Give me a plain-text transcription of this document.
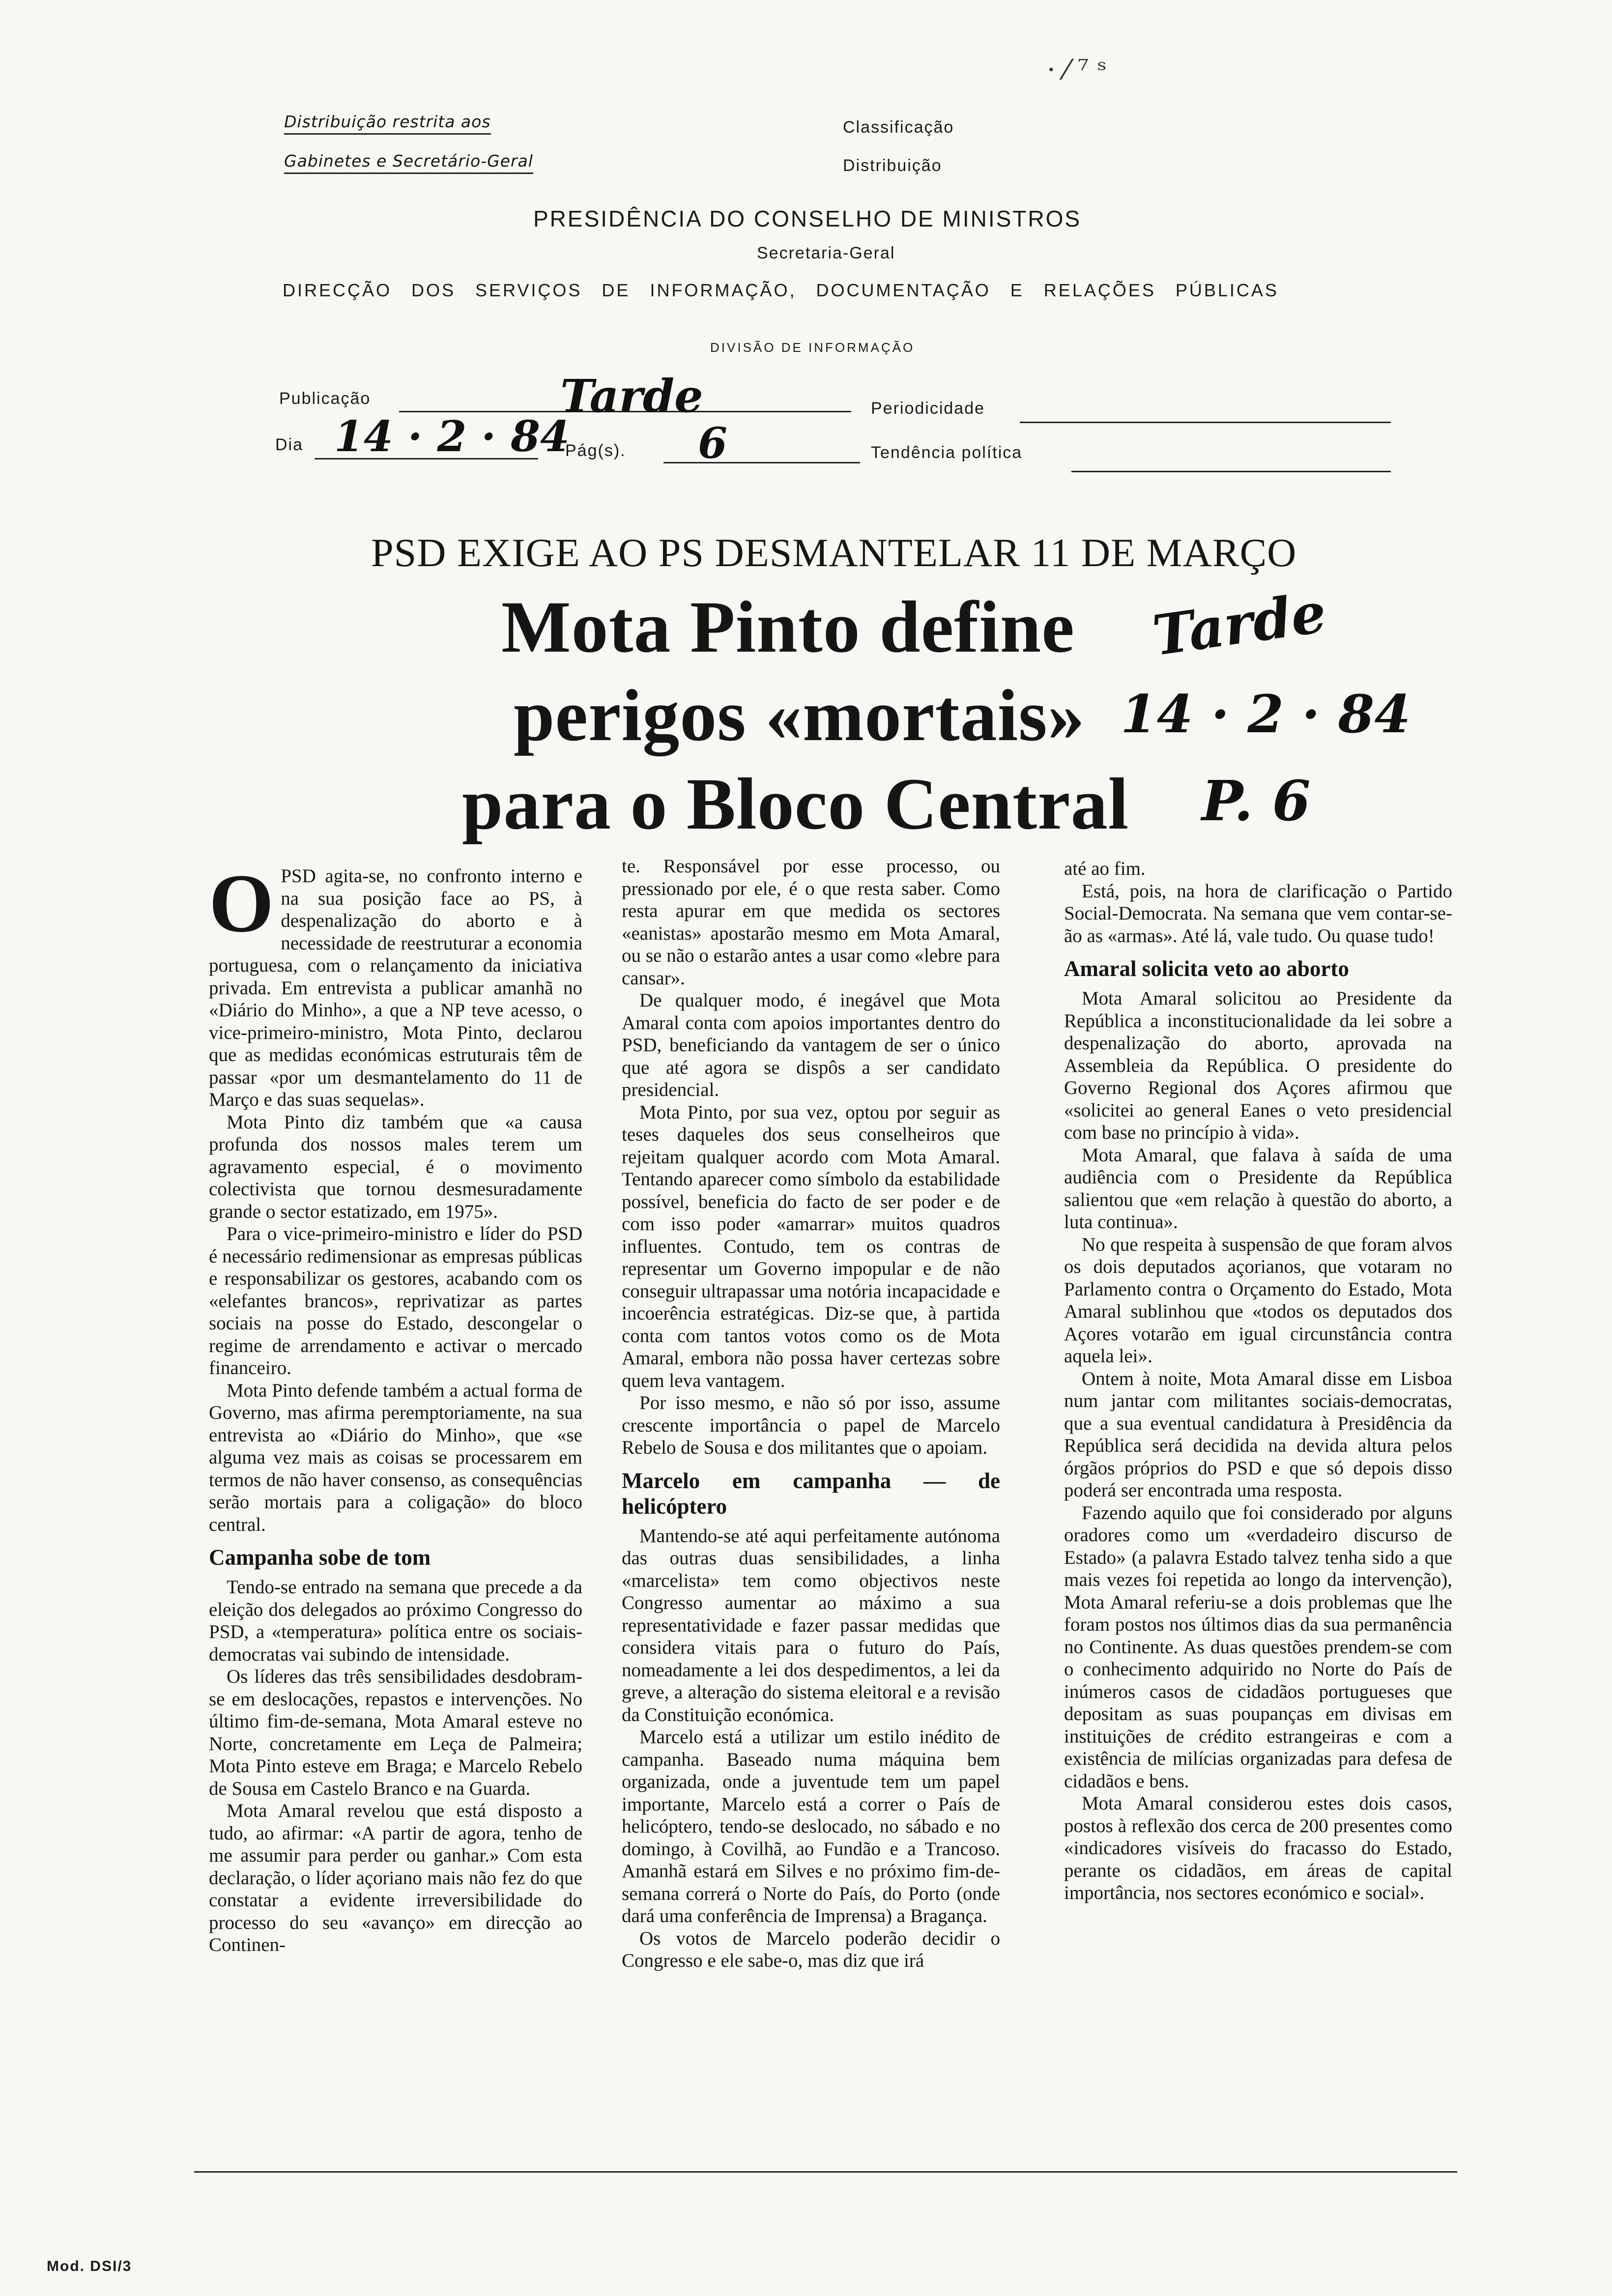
Distribuição restrita aos
Gabinetes e Secretário-Geral
Classificação
Distribuição
PRESIDÊNCIA DO CONSELHO DE MINISTROS
Secretaria-Geral
DIRECÇÃO DOS SERVIÇOS DE INFORMAÇÃO, DOCUMENTAÇÃO E RELAÇÕES PÚBLICAS
DIVISÃO DE INFORMAÇÃO
Publicação	Tarde	Periodicidade
Dia 14 · 2 · 84
Pág(s). 6	Tendência política
· ⁄ ⁷ ˢ
PSD EXIGE AO PS DESMANTELAR 11 DE MARÇO
Mota Pinto define
perigos «mortais»
para o Bloco Central
Tarde
14 · 2 · 84
P. 6
O PSD agita-se, no confronto interno e na sua posição face ao PS, à despenalização do aborto e à necessidade de reestruturar a economia portuguesa, com o relançamento da iniciativa privada. Em entrevista a publicar amanhã no «Diário do Minho», a que a NP teve acesso, o vice-primeiro-ministro, Mota Pinto, declarou que as medidas económicas estruturais têm de passar «por um desmantelamento do 11 de Março e das suas sequelas».

Mota Pinto diz também que «a causa profunda dos nossos males terem um agravamento especial, é o movimento colectivista que tornou desmesuradamente grande o sector estatizado, em 1975».

Para o vice-primeiro-ministro e líder do PSD é necessário redimensionar as empresas públicas e responsabilizar os gestores, acabando com os «elefantes brancos», reprivatizar as partes sociais na posse do Estado, descongelar o regime de arrendamento e activar o mercado financeiro.

Mota Pinto defende também a actual forma de Governo, mas afirma peremptoriamente, na sua entrevista ao «Diário do Minho», que «se alguma vez mais as coisas se processarem em termos de não haver consenso, as consequências serão mortais para a coligação» do bloco central.

Campanha sobe de tom

Tendo-se entrado na semana que precede a da eleição dos delegados ao próximo Congresso do PSD, a «temperatura» política entre os sociais-democratas vai subindo de intensidade.

Os líderes das três sensibilidades desdobram-se em deslocações, repastos e intervenções. No último fim-de-semana, Mota Amaral esteve no Norte, concretamente em Leça de Palmeira; Mota Pinto esteve em Braga; e Marcelo Rebelo de Sousa em Castelo Branco e na Guarda.

Mota Amaral revelou que está disposto a tudo, ao afirmar: «A partir de agora, tenho de me assumir para perder ou ganhar.» Com esta declaração, o líder açoriano mais não fez do que constatar a evidente irreversibilidade do processo do seu «avanço» em direcção ao Continen-

te. Responsável por esse processo, ou pressionado por ele, é o que resta saber. Como resta apurar em que medida os sectores «eanistas» apostarão mesmo em Mota Amaral, ou se não o estarão antes a usar como «lebre para cansar».

De qualquer modo, é inegável que Mota Amaral conta com apoios importantes dentro do PSD, beneficiando da vantagem de ser o único que até agora se dispôs a ser candidato presidencial.

Mota Pinto, por sua vez, optou por seguir as teses daqueles dos seus conselheiros que rejeitam qualquer acordo com Mota Amaral. Tentando aparecer como símbolo da estabilidade possível, beneficia do facto de ser poder e de com isso poder «amarrar» muitos quadros influentes. Contudo, tem os contras de representar um Governo impopular e de não conseguir ultrapassar uma notória incapacidade e incoerência estratégicas. Diz-se que, à partida conta com tantos votos como os de Mota Amaral, embora não possa haver certezas sobre quem leva vantagem.

Por isso mesmo, e não só por isso, assume crescente importância o papel de Marcelo Rebelo de Sousa e dos militantes que o apoiam.

Marcelo em campanha — de helicóptero

Mantendo-se até aqui perfeitamente autónoma das outras duas sensibilidades, a linha «marcelista» tem como objectivos neste Congresso aumentar ao máximo a sua representatividade e fazer passar medidas que considera vitais para o futuro do País, nomeadamente a lei dos despedimentos, a lei da greve, a alteração do sistema eleitoral e a revisão da Constituição económica.

Marcelo está a utilizar um estilo inédito de campanha. Baseado numa máquina bem organizada, onde a juventude tem um papel importante, Marcelo está a correr o País de helicóptero, tendo-se deslocado, no sábado e no domingo, à Covilhã, ao Fundão e a Trancoso. Amanhã estará em Silves e no próximo fim-de-semana correrá o Norte do País, do Porto (onde dará uma conferência de Imprensa) a Bragança.

Os votos de Marcelo poderão decidir o Congresso e ele sabe-o, mas diz que irá

até ao fim.

Está, pois, na hora de clarificação o Partido Social-Democrata. Na semana que vem contar-se-ão as «armas». Até lá, vale tudo. Ou quase tudo!

Amaral solicita veto ao aborto

Mota Amaral solicitou ao Presidente da República a inconstitucionalidade da lei sobre a despenalização do aborto, aprovada na Assembleia da República. O presidente do Governo Regional dos Açores afirmou que «solicitei ao general Eanes o veto presidencial com base no princípio à vida».

Mota Amaral, que falava à saída de uma audiência com o Presidente da República salientou que «em relação à questão do aborto, a luta continua».

No que respeita à suspensão de que foram alvos os dois deputados açorianos, que votaram no Parlamento contra o Orçamento do Estado, Mota Amaral sublinhou que «todos os deputados dos Açores votarão em igual circunstância contra aquela lei».

Ontem à noite, Mota Amaral disse em Lisboa num jantar com militantes sociais-democratas, que a sua eventual candidatura à Presidência da República será decidida na devida altura pelos órgãos próprios do PSD e que só depois disso poderá ser encontrada uma resposta.

Fazendo aquilo que foi considerado por alguns oradores como um «verdadeiro discurso de Estado» (a palavra Estado talvez tenha sido a que mais vezes foi repetida ao longo da intervenção), Mota Amaral referiu-se a dois problemas que lhe foram postos nos últimos dias da sua permanência no Continente. As duas questões prendem-se com o conhecimento adquirido no Norte do País de inúmeros casos de cidadãos portugueses que depositam as suas poupanças em divisas em instituições de crédito estrangeiras e com a existência de milícias organizadas para defesa de cidadãos e bens.

Mota Amaral considerou estes dois casos, postos à reflexão dos cerca de 200 presentes como «indicadores visíveis do fracasso do Estado, perante os cidadãos, em áreas de capital importância, nos sectores económico e social».

Mod. DSI/3
